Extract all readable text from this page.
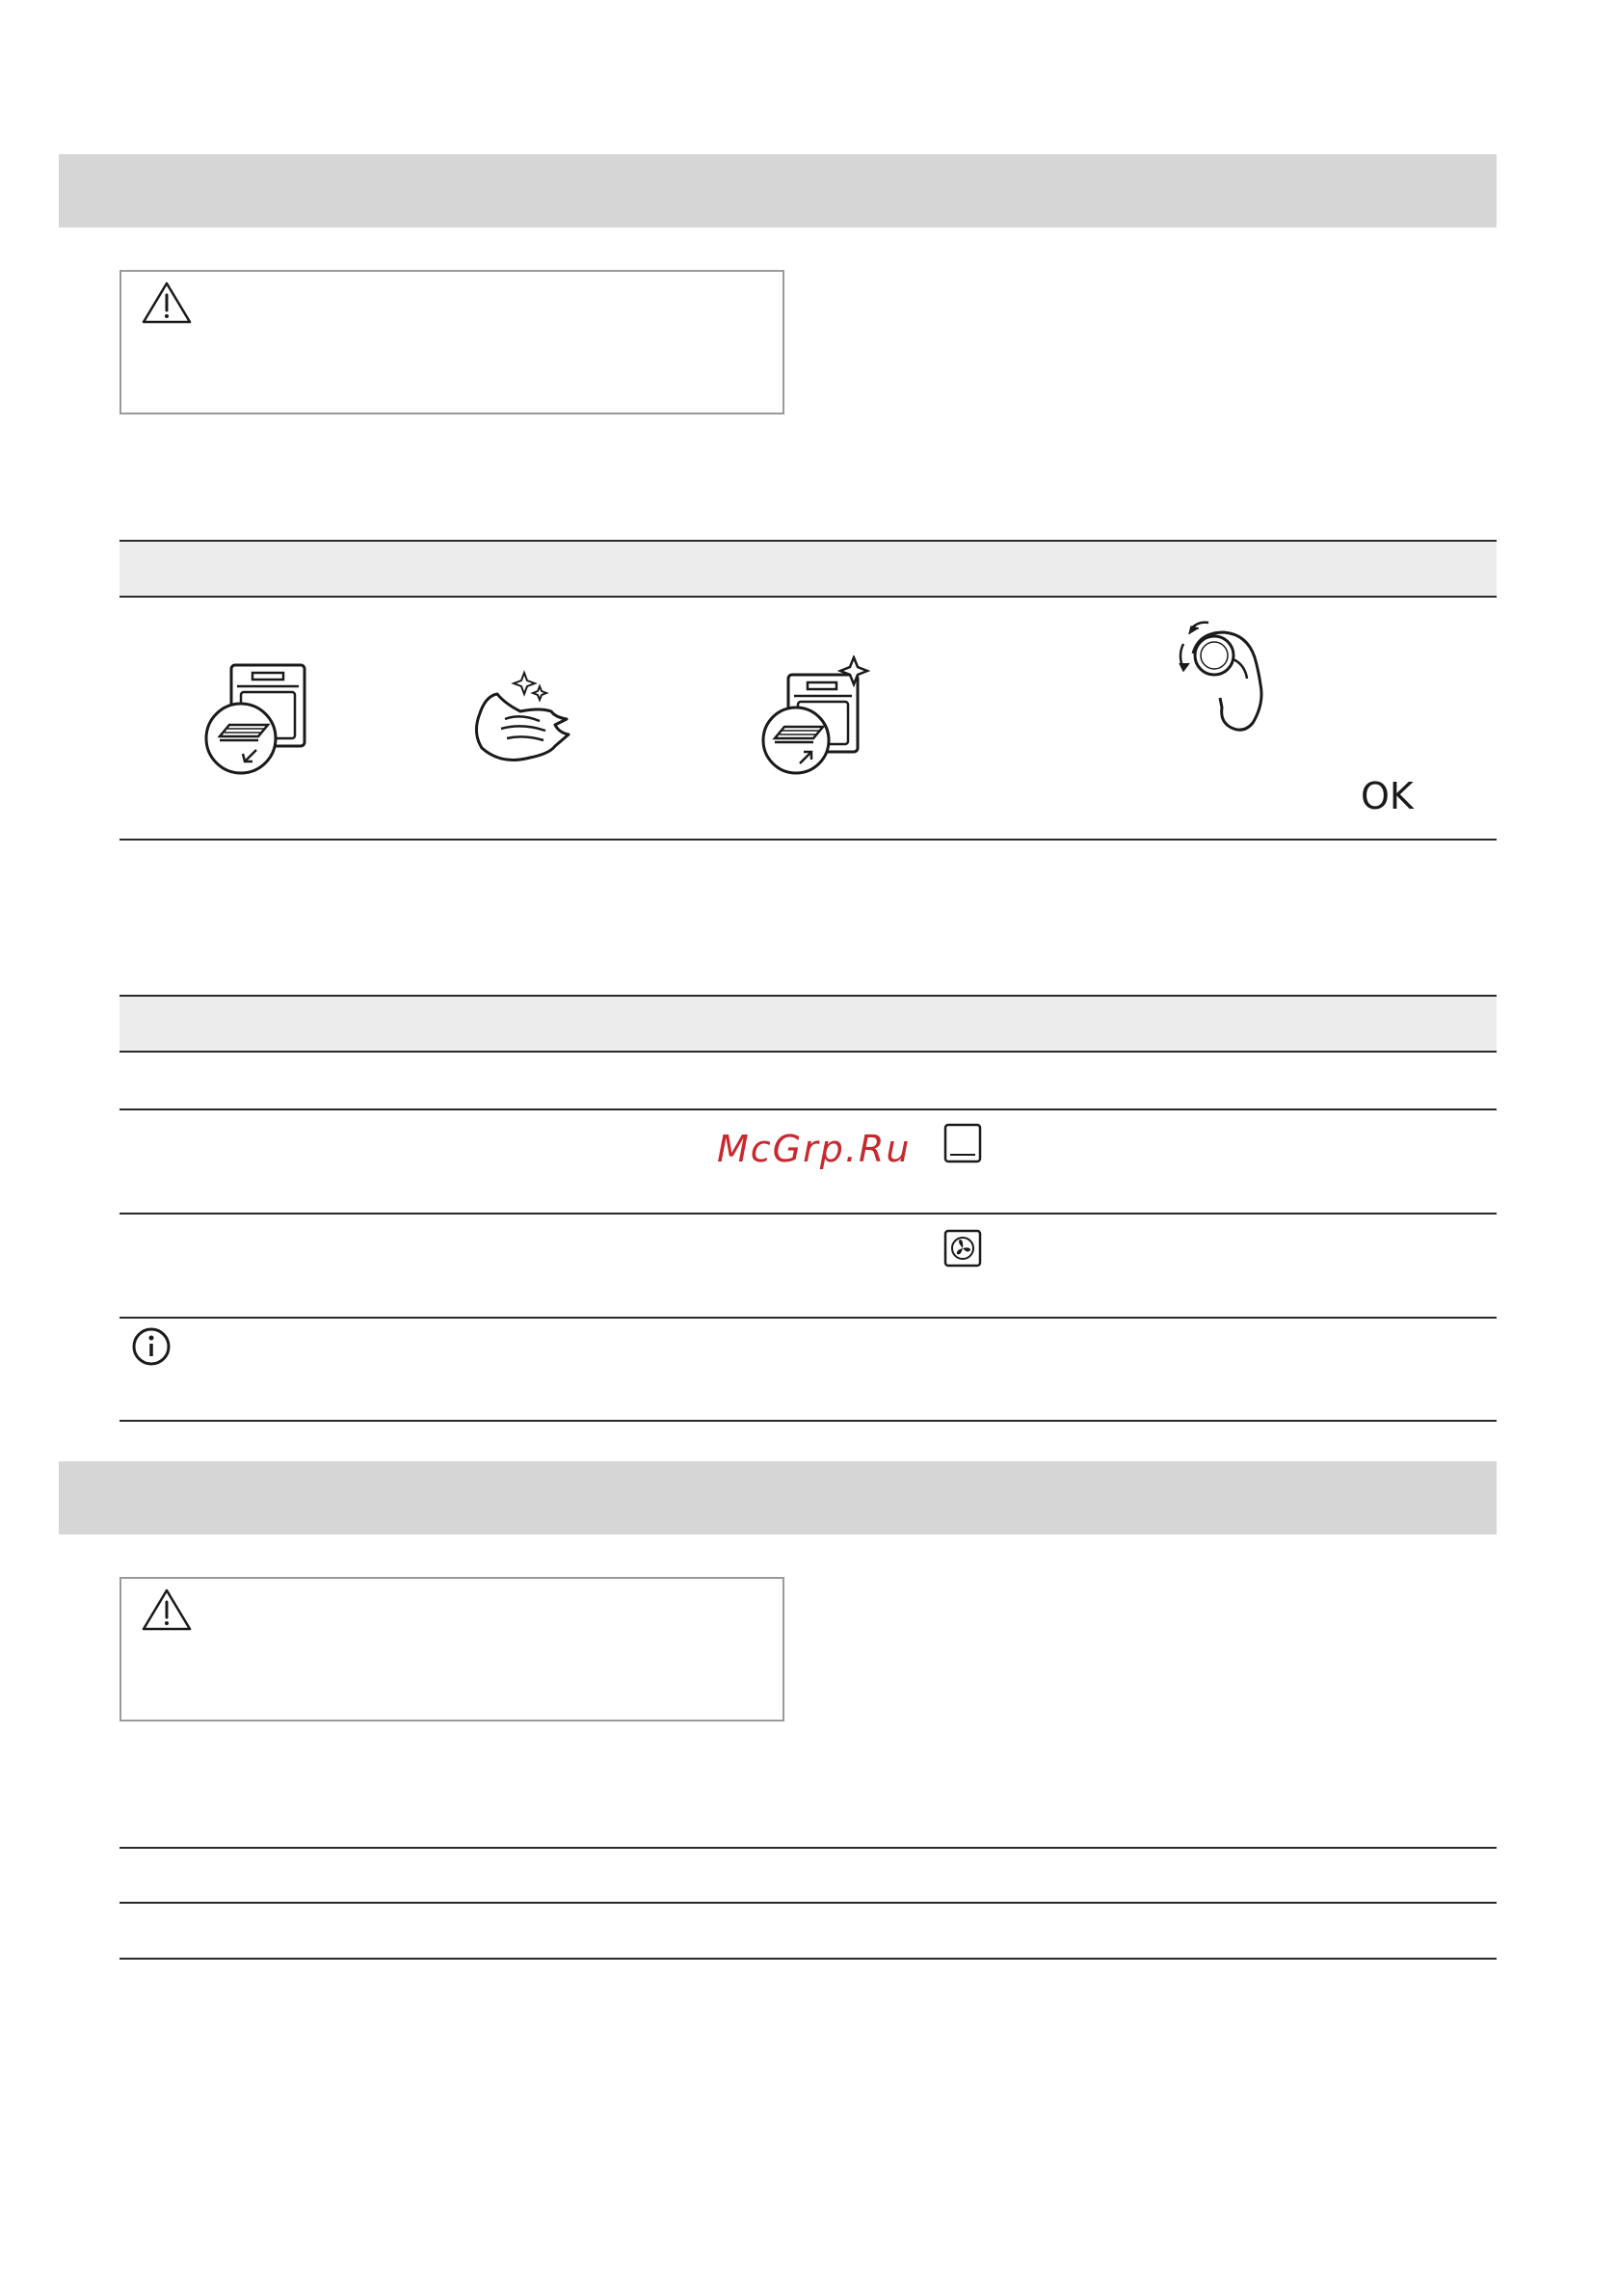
OK
McGrp.Ru
